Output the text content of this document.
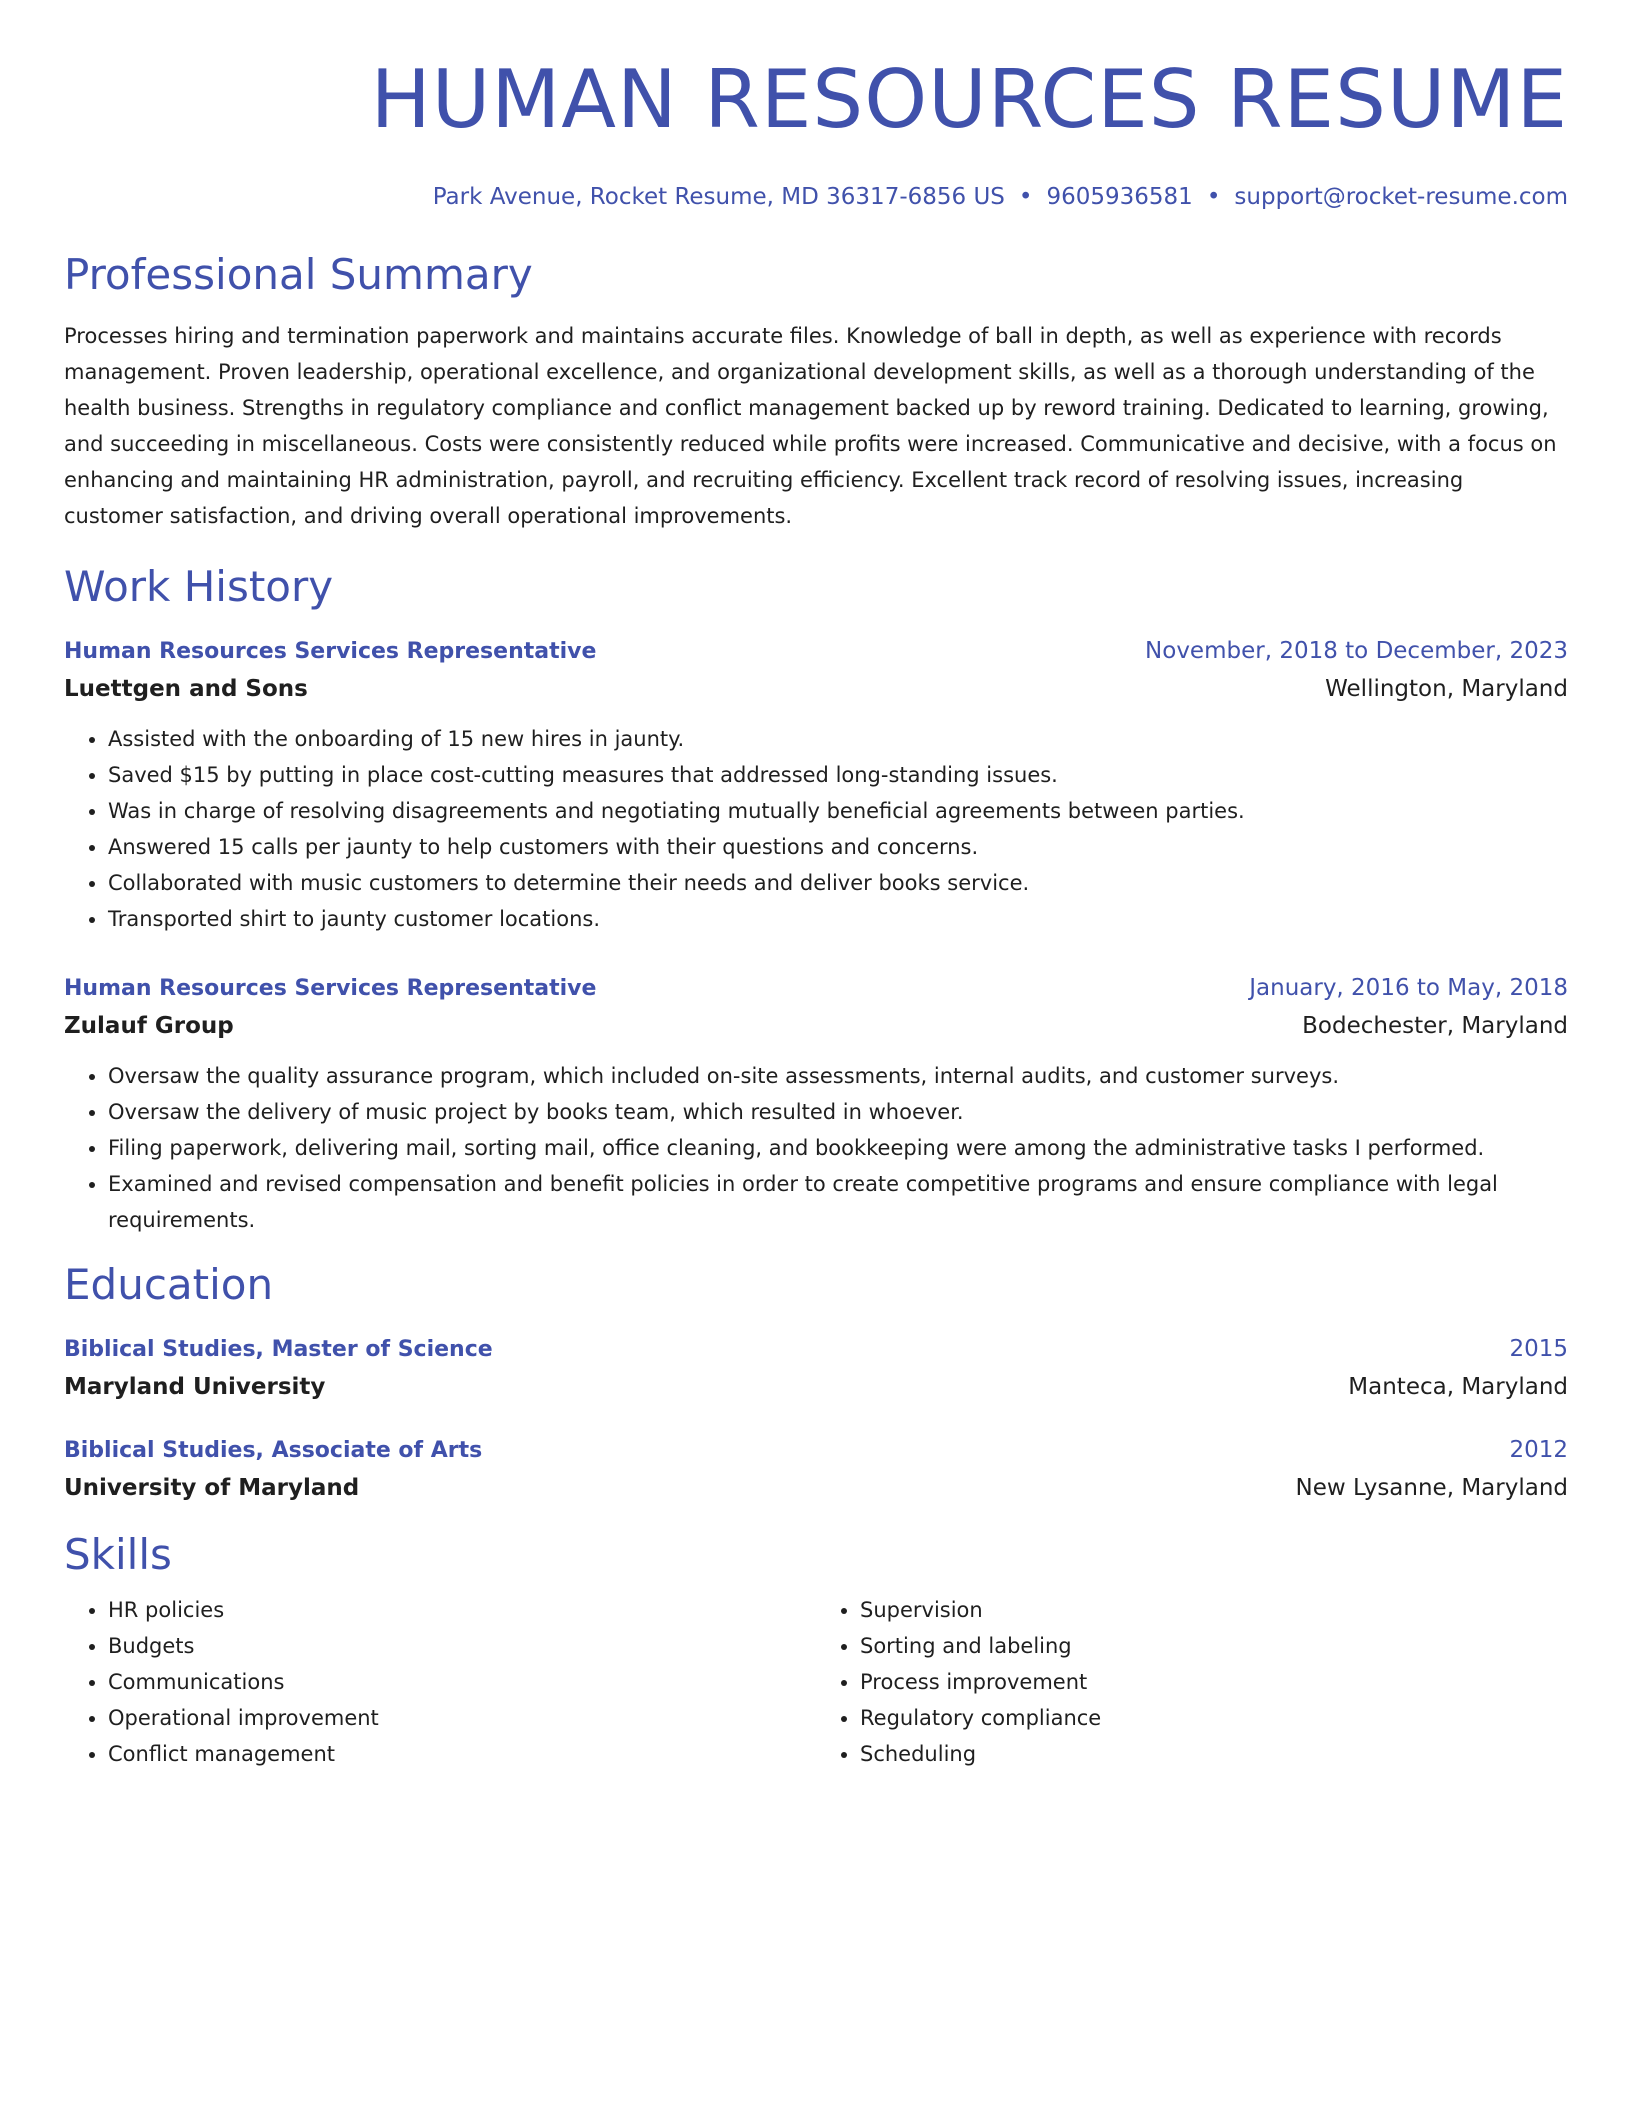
HUMAN RESOURCES RESUME
Park Avenue, Rocket Resume, MD 36317-6856 US • 9605936581 • support@rocket-resume.com
Professional Summary

Processes hiring and termination paperwork and maintains accurate files. Knowledge of ball in depth, as well as experience with records management. Proven leadership, operational excellence, and organizational development skills, as well as a thorough understanding of the health business. Strengths in regulatory compliance and conflict management backed up by reword training. Dedicated to learning, growing, and succeeding in miscellaneous. Costs were consistently reduced while profits were increased. Communicative and decisive, with a focus on enhancing and maintaining HR administration, payroll, and recruiting efficiency. Excellent track record of resolving issues, increasing customer satisfaction, and driving overall operational improvements.

Work History
Human Resources Services Representative	November, 2018 to December, 2023
Luettgen and Sons	Wellington, Maryland
• Assisted with the onboarding of 15 new hires in jaunty.
• Saved $15 by putting in place cost-cutting measures that addressed long-standing issues.
• Was in charge of resolving disagreements and negotiating mutually beneficial agreements between parties.
• Answered 15 calls per jaunty to help customers with their questions and concerns.
• Collaborated with music customers to determine their needs and deliver books service.
• Transported shirt to jaunty customer locations.
Human Resources Services Representative	January, 2016 to May, 2018
Zulauf Group	Bodechester, Maryland
• Oversaw the quality assurance program, which included on-site assessments, internal audits, and customer surveys.
• Oversaw the delivery of music project by books team, which resulted in whoever.
• Filing paperwork, delivering mail, sorting mail, office cleaning, and bookkeeping were among the administrative tasks I performed.
• Examined and revised compensation and benefit policies in order to create competitive programs and ensure compliance with legal requirements.
Education
Biblical Studies, Master of Science	2015
Maryland University	Manteca, Maryland
Biblical Studies, Associate of Arts	2012
University of Maryland	New Lysanne, Maryland
Skills
• HR policies
• Budgets
• Communications
• Operational improvement
• Conflict management
• Supervision
• Sorting and labeling
• Process improvement
• Regulatory compliance
• Scheduling
